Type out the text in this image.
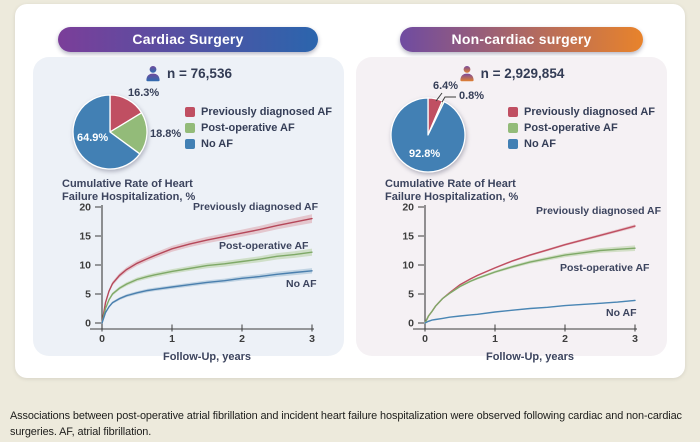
Cardiac Surgery	Non-cardiac surgery
n = 76,536
16.3%
18.8%
64.9%
Previously diagnosed AF
Post-operative AF
No AF
Cumulative Rate of Heart
Failure Hospitalization, %
0
5
10
15
20
0	1	2	3
Previously diagnosed AF
Post-operative AF
No AF
Follow-Up, years
n = 2,929,854
6.4%
0.8%
92.8%
Previously diagnosed AF
Post-operative AF
No AF
Cumulative Rate of Heart
Failure Hospitalization, %
0
5
10
15
20
0	1	2	3
Previously diagnosed AF
Post-operative AF
No AF
Follow-Up, years

Associations between post-operative atrial fibrillation and incident heart failure hospitalization were observed following cardiac and non-cardiac surgeries. AF, atrial fibrillation.
